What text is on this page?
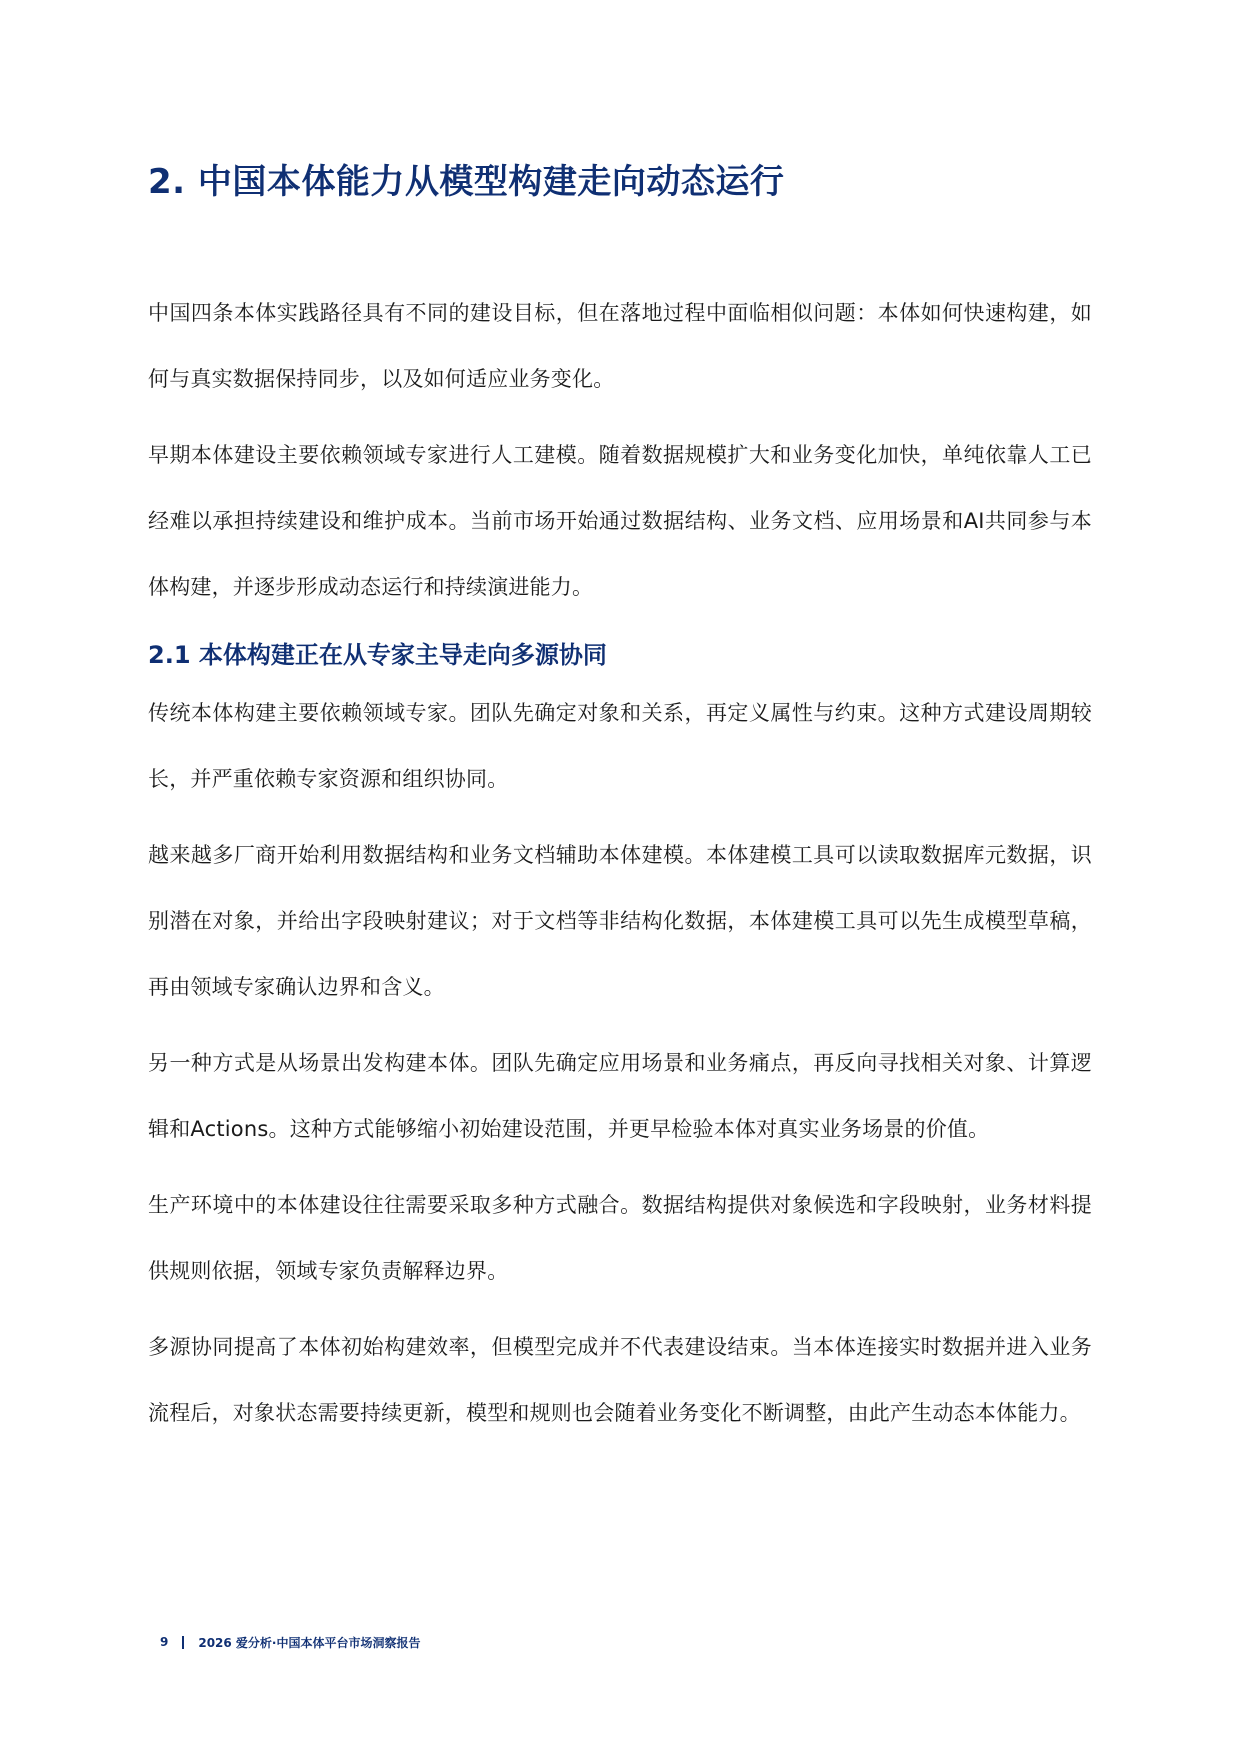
2. 中国本体能力从模型构建走向动态运行

中国四条本体实践路径具有不同的建设目标，但在落地过程中面临相似问题：本体如何快速构建，如何与真实数据保持同步，以及如何适应业务变化。

早期本体建设主要依赖领域专家进行人工建模。随着数据规模扩大和业务变化加快，单纯依靠人工已经难以承担持续建设和维护成本。当前市场开始通过数据结构、业务文档、应用场景和AI共同参与本体构建，并逐步形成动态运行和持续演进能力。

2.1 本体构建正在从专家主导走向多源协同

传统本体构建主要依赖领域专家。团队先确定对象和关系，再定义属性与约束。这种方式建设周期较长，并严重依赖专家资源和组织协同。

越来越多厂商开始利用数据结构和业务文档辅助本体建模。本体建模工具可以读取数据库元数据，识别潜在对象，并给出字段映射建议；对于文档等非结构化数据，本体建模工具可以先生成模型草稿，再由领域专家确认边界和含义。

另一种方式是从场景出发构建本体。团队先确定应用场景和业务痛点，再反向寻找相关对象、计算逻辑和Actions。这种方式能够缩小初始建设范围，并更早检验本体对真实业务场景的价值。

生产环境中的本体建设往往需要采取多种方式融合。数据结构提供对象候选和字段映射，业务材料提供规则依据，领域专家负责解释边界。

多源协同提高了本体初始构建效率，但模型完成并不代表建设结束。当本体连接实时数据并进入业务流程后，对象状态需要持续更新，模型和规则也会随着业务变化不断调整，由此产生动态本体能力。

9	2026 爱分析·中国本体平台市场洞察报告
